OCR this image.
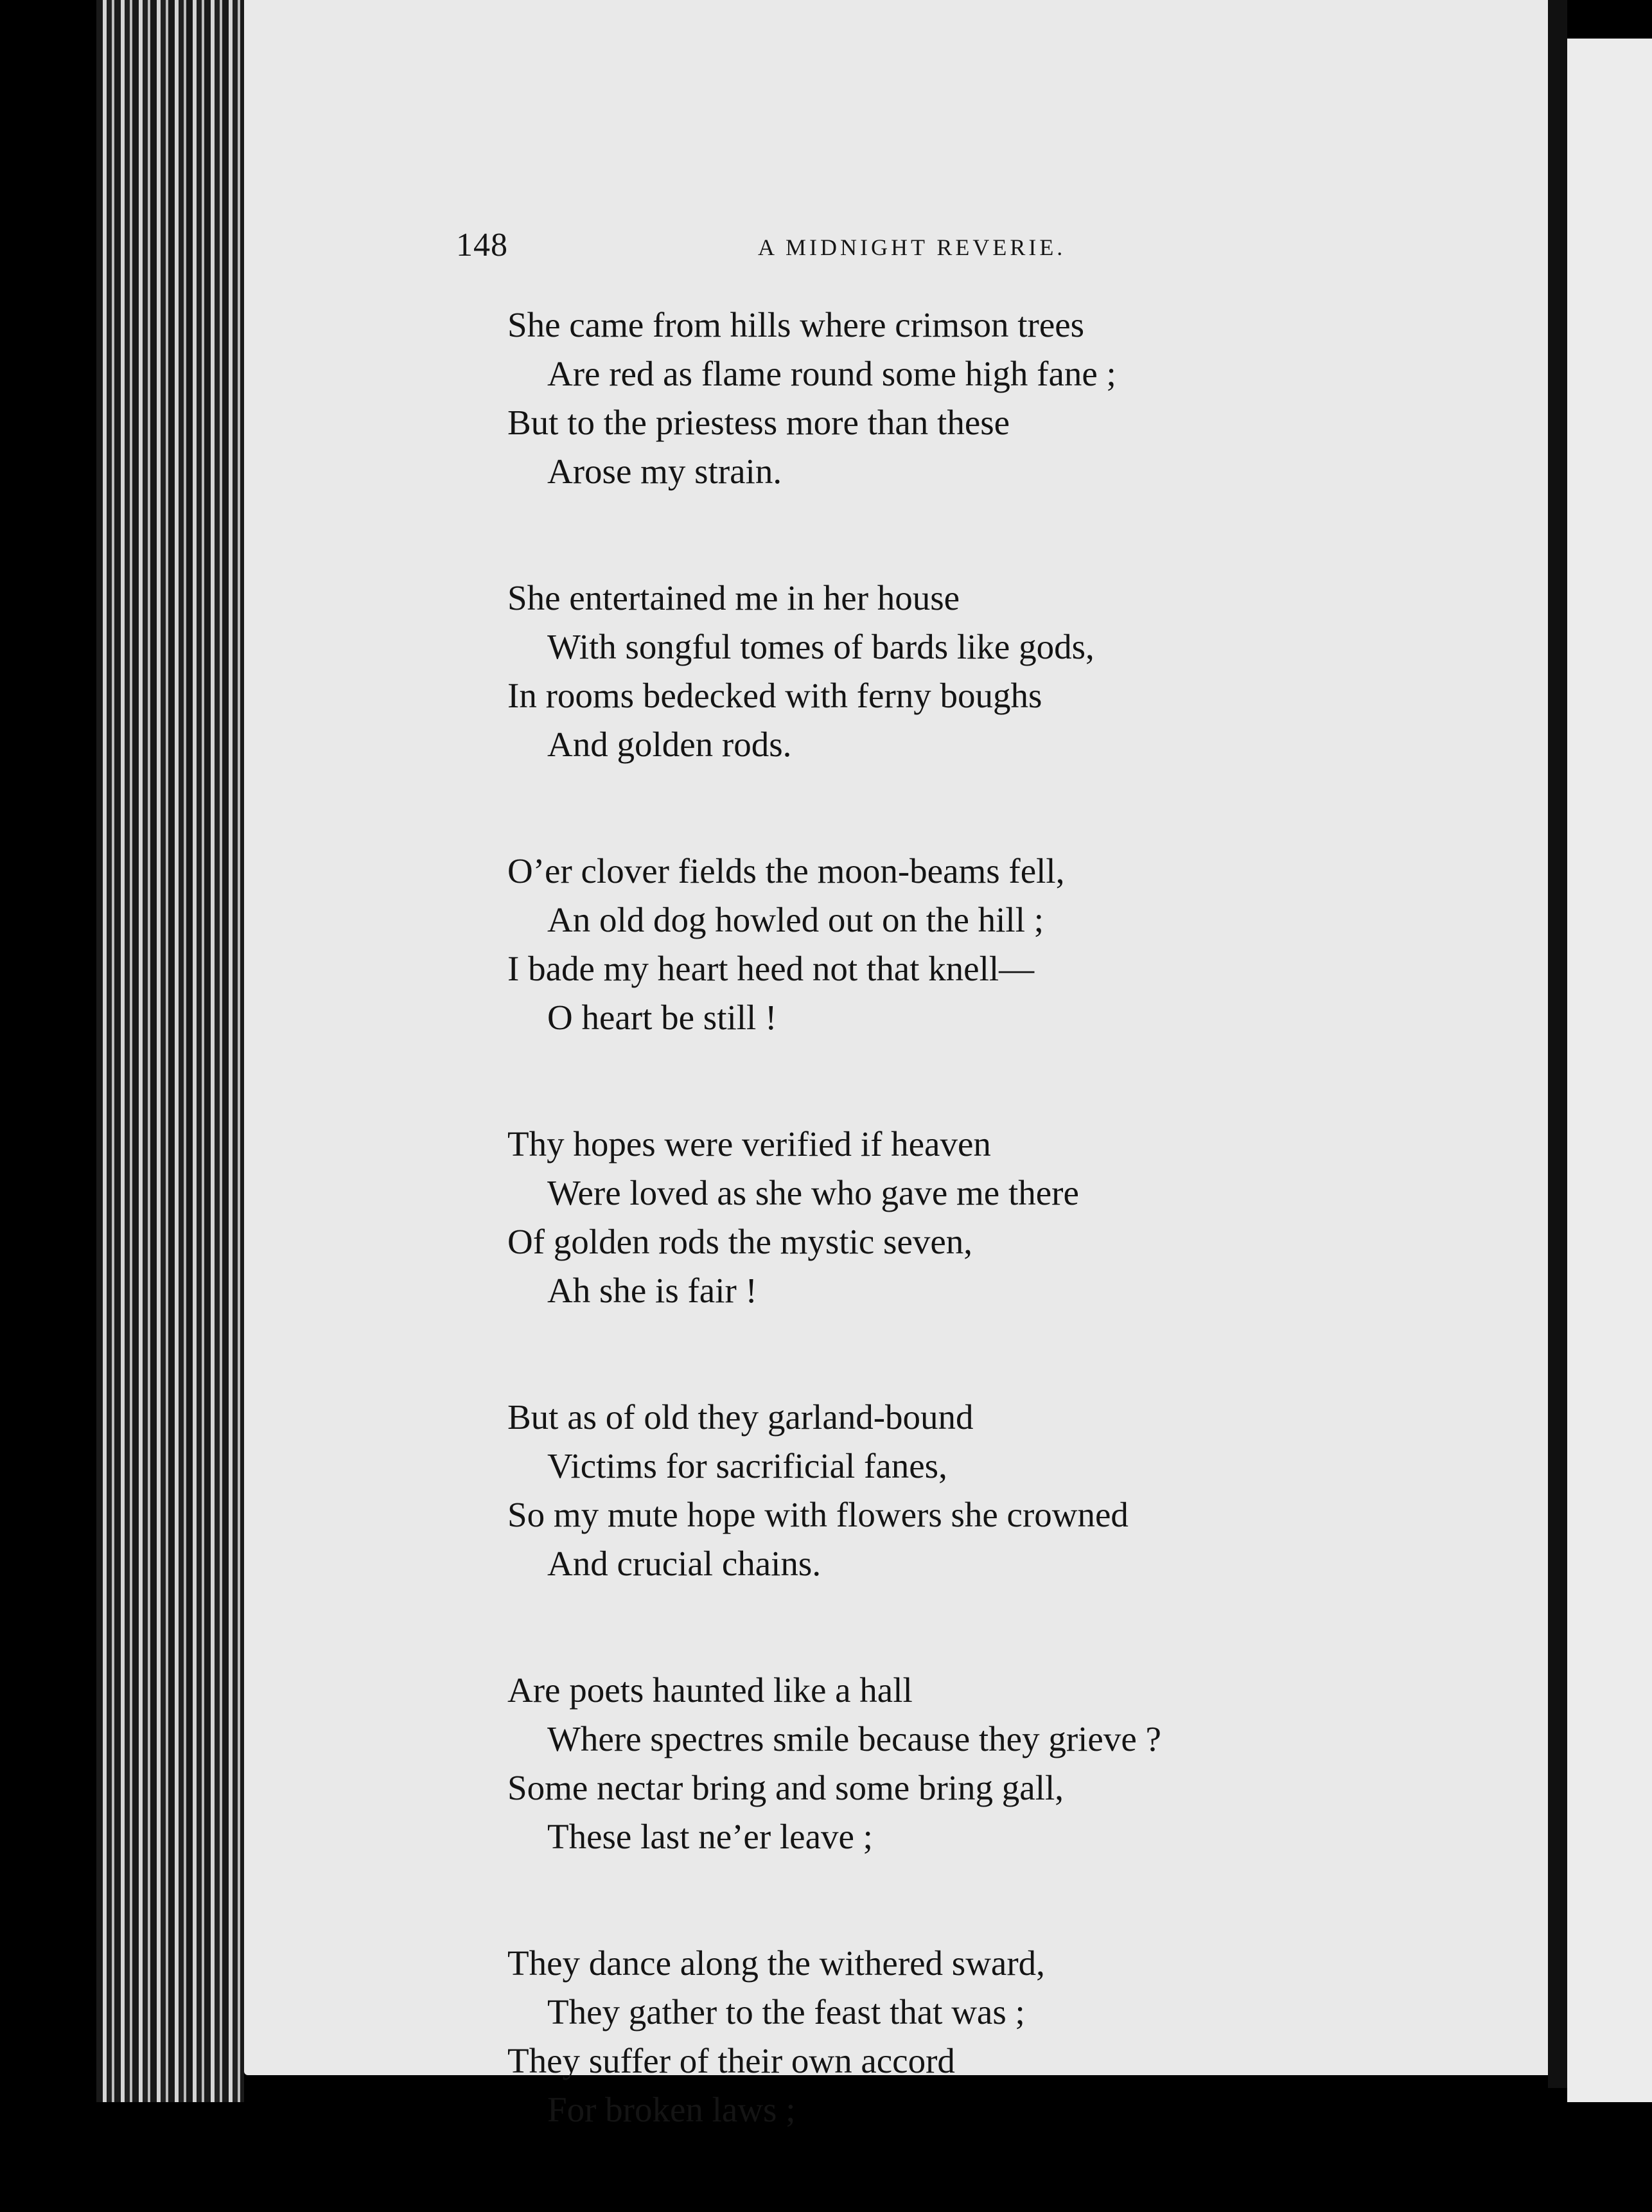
148	A MIDNIGHT REVERIE.
She came from hills where crimson trees
Are red as flame round some high fane ;
But to the priestess more than these
Arose my strain.
She entertained me in her house
With songful tomes of bards like gods,
In rooms bedecked with ferny boughs
And golden rods.
O’er clover fields the moon-beams fell,
An old dog howled out on the hill ;
I bade my heart heed not that knell—
O heart be still !
Thy hopes were verified if heaven
Were loved as she who gave me there
Of golden rods the mystic seven,
Ah she is fair !
But as of old they garland-bound
Victims for sacrificial fanes,
So my mute hope with flowers she crowned
And crucial chains.
Are poets haunted like a hall
Where spectres smile because they grieve ?
Some nectar bring and some bring gall,
These last ne’er leave ;
They dance along the withered sward,
They gather to the feast that was ;
They suffer of their own accord
For broken laws ;
